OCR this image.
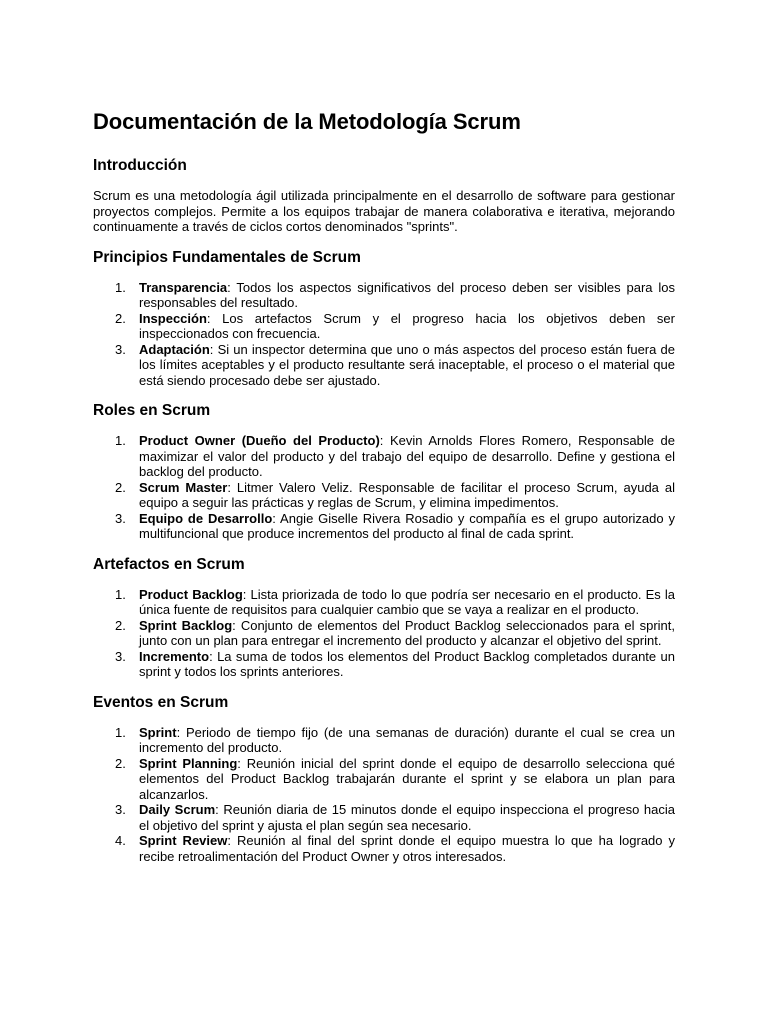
Documentación de la Metodología Scrum
Introducción

Scrum es una metodología ágil utilizada principalmente en el desarrollo de software para gestionar proyectos complejos. Permite a los equipos trabajar de manera colaborativa e iterativa, mejorando continuamente a través de ciclos cortos denominados "sprints".

Principios Fundamentales de Scrum
1. Transparencia: Todos los aspectos significativos del proceso deben ser visibles para los responsables del resultado.
2. Inspección: Los artefactos Scrum y el progreso hacia los objetivos deben ser inspeccionados con frecuencia.
3. Adaptación: Si un inspector determina que uno o más aspectos del proceso están fuera de los límites aceptables y el producto resultante será inaceptable, el proceso o el material que está siendo procesado debe ser ajustado.
Roles en Scrum
1. Product Owner (Dueño del Producto): Kevin Arnolds Flores Romero, Responsable de maximizar el valor del producto y del trabajo del equipo de desarrollo. Define y gestiona el backlog del producto.
2. Scrum Master: Litmer Valero Veliz. Responsable de facilitar el proceso Scrum, ayuda al equipo a seguir las prácticas y reglas de Scrum, y elimina impedimentos.
3. Equipo de Desarrollo: Angie Giselle Rivera Rosadio y compañía es el grupo autorizado y multifuncional que produce incrementos del producto al final de cada sprint.
Artefactos en Scrum
1. Product Backlog: Lista priorizada de todo lo que podría ser necesario en el producto. Es la única fuente de requisitos para cualquier cambio que se vaya a realizar en el producto.
2. Sprint Backlog: Conjunto de elementos del Product Backlog seleccionados para el sprint, junto con un plan para entregar el incremento del producto y alcanzar el objetivo del sprint.
3. Incremento: La suma de todos los elementos del Product Backlog completados durante un sprint y todos los sprints anteriores.
Eventos en Scrum
1. Sprint: Periodo de tiempo fijo (de una semanas de duración) durante el cual se crea un incremento del producto.
2. Sprint Planning: Reunión inicial del sprint donde el equipo de desarrollo selecciona qué elementos del Product Backlog trabajarán durante el sprint y se elabora un plan para alcanzarlos.
3. Daily Scrum: Reunión diaria de 15 minutos donde el equipo inspecciona el progreso hacia el objetivo del sprint y ajusta el plan según sea necesario.
4. Sprint Review: Reunión al final del sprint donde el equipo muestra lo que ha logrado y recibe retroalimentación del Product Owner y otros interesados.
